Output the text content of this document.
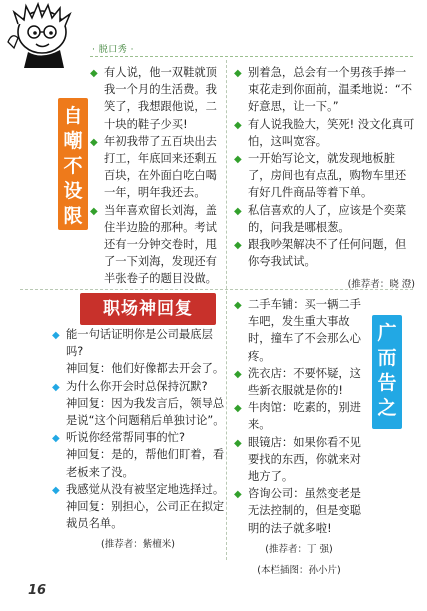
· 脱口秀 ·
自
嘲
不
设
限
◆ 有人说，他一双鞋就顶我一个月的生活费。我笑了，我想跟他说，二十块的鞋子少买!
◆ 年初我带了五百块出去打工，年底回来还剩五百块，在外面白吃白喝一年，明年我还去。
◆ 当年喜欢留长刘海，盖住半边脸的那种。考试还有一分钟交卷时，甩了一下刘海，发现还有半张卷子的题目没做。
◆ 别着急，总会有一个男孩手捧一束花走到你面前，温柔地说：“不好意思，让一下。”
◆ 有人说我脸大，笑死! 没文化真可怕，这叫宽容。
◆ 一开始写论文，就发现地板脏了，房间也有点乱，购物车里还有好几件商品等着下单。
◆ 私信喜欢的人了，应该是个奕菜的，问我是哪根葱。
◆ 跟我吵架解决不了任何问题，但你夸我试试。
(推荐者：晓 澄)
职场神回复
◆ 能一句话证明你是公司最底层吗?
神回复：他们好像都去开会了。
◆ 为什么你开会时总保持沉默?
神回复：因为我发言后，领导总是说“这个问题稍后单独讨论”。
◆ 听说你经常帮同事的忙?
神回复：是的，帮他们盯着，看老板来了没。
◆ 我感觉从没有被坚定地选择过。
神回复：别担心，公司正在拟定裁员名单。
(推荐者：紫檀米)
广
而
告
之
◆ 二手车铺：买一辆二手车吧，发生重大事故时，撞车了不会那么心疼。
◆ 洗衣店：不要怀疑，这些新衣服就是你的!
◆ 牛肉馆：吃素的，别进来。
◆ 眼镜店：如果你看不见要找的东西，你就来对地方了。
◆ 咨询公司：虽然变老是无法控制的，但是变聪明的法子就多啦!
(推荐者：丁 强)
(本栏插图：孙小片)
16
